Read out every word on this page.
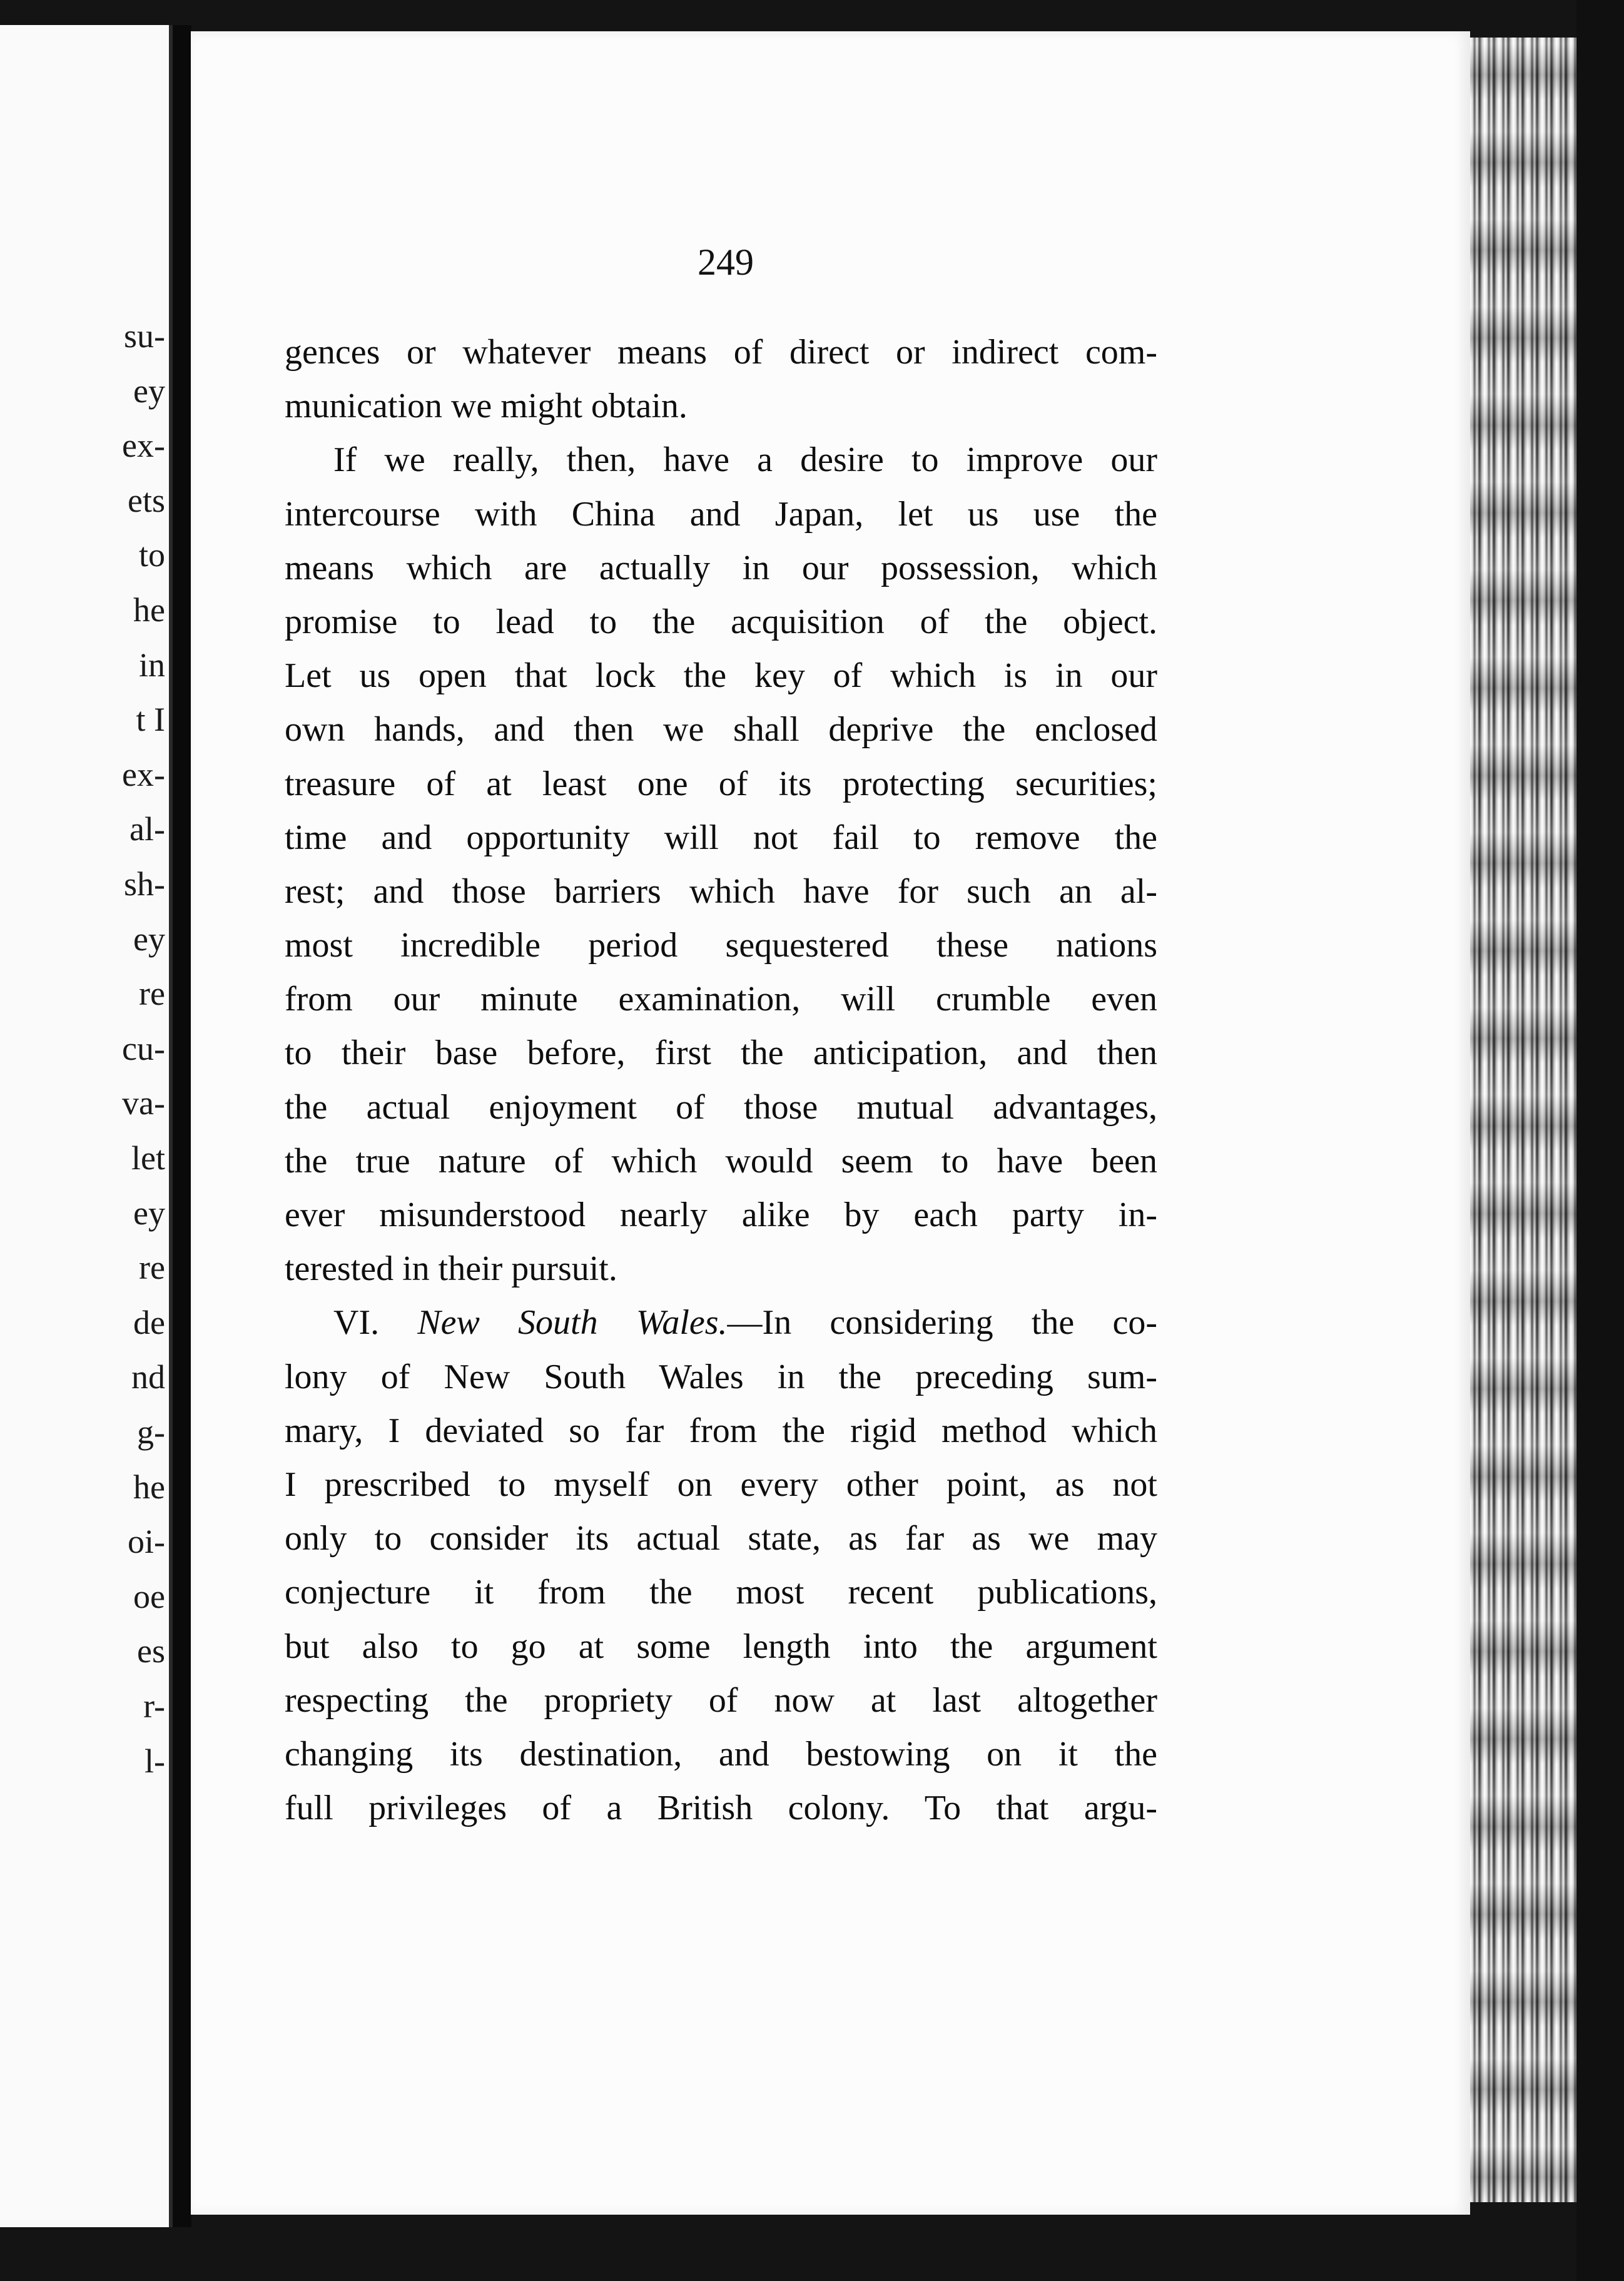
su-

ey

ex-

ets

to

he

in

t I

ex-

al-

sh-

ey

re

cu-

va-

let

ey

re

de

nd

g-

he

oi-

oe

es

r-

l-

249

gences or whatever means of direct or indirect com-
munication we might obtain.
If we really, then, have a desire to improve our
intercourse with China and Japan, let us use the
means which are actually in our possession, which
promise to lead to the acquisition of the object.
Let us open that lock the key of which is in our
own hands, and then we shall deprive the enclosed
treasure of at least one of its protecting securities;
time and opportunity will not fail to remove the
rest; and those barriers which have for such an al-
most incredible period sequestered these nations
from our minute examination, will crumble even
to their base before, first the anticipation, and then
the actual enjoyment of those mutual advantages,
the true nature of which would seem to have been
ever misunderstood nearly alike by each party in-
terested in their pursuit.
VI. New South Wales.—In considering the co-
lony of New South Wales in the preceding sum-
mary, I deviated so far from the rigid method which
I prescribed to myself on every other point, as not
only to consider its actual state, as far as we may
conjecture it from the most recent publications,
but also to go at some length into the argument
respecting the propriety of now at last altogether
changing its destination, and bestowing on it the
full privileges of a British colony. To that argu-
